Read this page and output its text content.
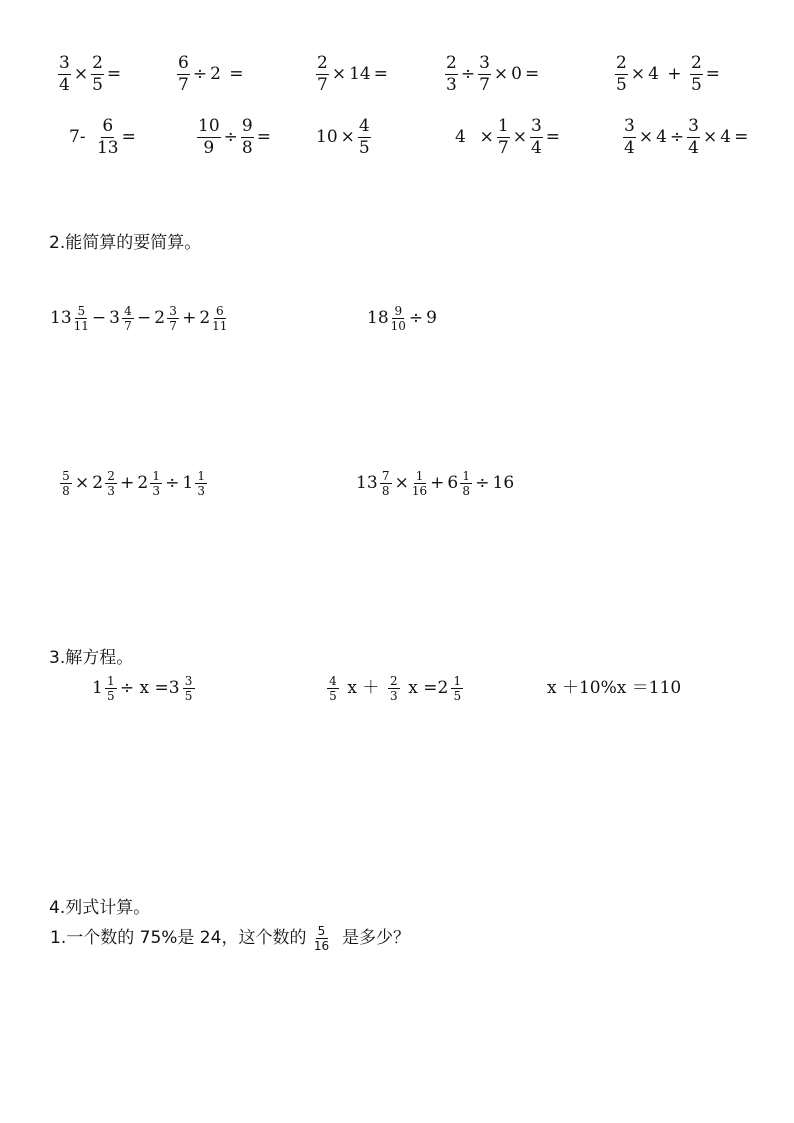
$\frac{3}{4} \times \frac{2}{5}$ =	$\frac{6}{7} \div 2$ =	$\frac{2}{7} \times 14$ =	$\frac{2}{3} \div \frac{3}{7} \times 0$ =	$\frac{2}{5} \times 4 + \frac{2}{5}$ =
7-
$\frac{6}{13}$ =	$\frac{10}{9} \div \frac{9}{8}$ =	$10 \times \frac{4}{5}$	$4 \times \frac{1}{7} \times \frac{3}{4}$ =	$\frac{3}{4} \times 4 \div \frac{3}{4} \times 4$ =
2.能简算的要简算。
$13 \frac{5}{11} - 3 \frac{4}{7} - 2 \frac{3}{7} + 2 \frac{6}{11}$	$18 \frac{9}{10} \div 9$
$\frac{5}{8} \times 2 \frac{2}{3} + 2 \frac{1}{3} \div 1 \frac{1}{3}$	$13 \frac{7}{8} \times \frac{1}{16} + 6 \frac{1}{8} \div 16$
3.解方程。
$1 \frac{1}{5} \div x =3 \frac{3}{5}$	$\frac{4}{5}$ $x + \frac{2}{3}$ $x =2 \frac{1}{5}$	x ＋10%x ＝110
4.列式计算。
1.一个数的 75%是 24，这个数的 $\frac{5}{16}$ 是多少？
